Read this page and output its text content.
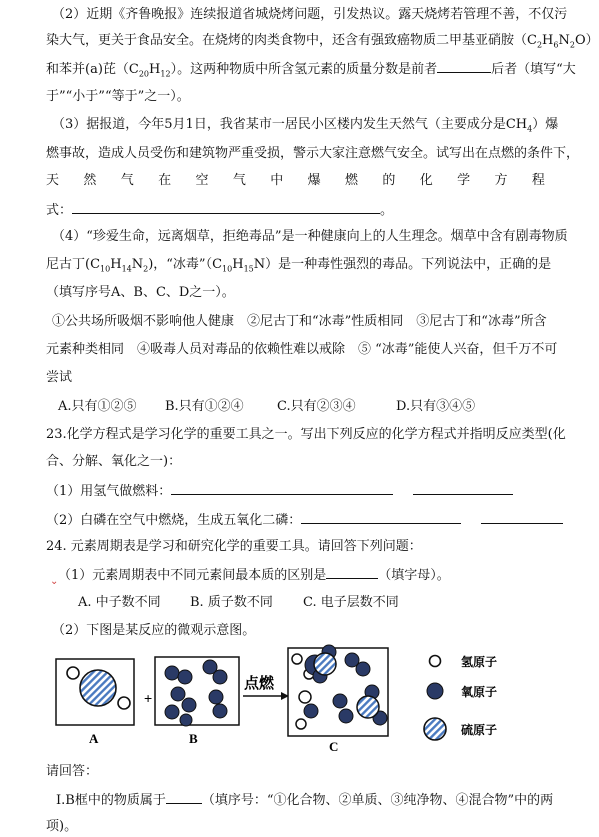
（2）近期《齐鲁晚报》连续报道省城烧烤问题，引发热议。露天烧烤若管理不善，不仅污
染大气，更关于食品安全。在烧烤的肉类食物中，还含有强致癌物质二甲基亚硝胺$(C_2H_6N_2O)$
和苯并(a)芘$(C_{20}H_{12})$。这两种物质中所含氢元素的质量分数是前者	后者（填写“大
于”“小于”“等于”之一）。
（3）据报道，今年5月1日，我省某市一居民小区楼内发生天然气（主要成分是$CH_4$）爆
燃事故，造成人员受伤和建筑物严重受损，警示大家注意燃气安全。试写出在点燃的条件下，
天 然 气 在 空 气 中 爆 燃 的 化 学 方 程
式：	。
（4）“珍爱生命，远离烟草，拒绝毒品”是一种健康向上的人生理念。烟草中含有剧毒物质
尼古丁$(C_{10}H_{14}N_2)$，“冰毒$”(C_{10}H_{15}N)$是一种毒性强烈的毒品。下列说法中，正确的是
（填写序号A、B、C、D之一）。
①公共场所吸烟不影响他人健康　②尼古丁和“冰毒”性质相同　③尼古丁和“冰毒”所含
元素种类相同　④吸毒人员对毒品的依赖性难以戒除　⑤ “冰毒”能使人兴奋，但千万不可
尝试
A.只有①②⑤ B.只有①②④	C.只有②③④	D.只有③④⑤
23.化学方程式是学习化学的重要工具之一。写出下列反应的化学方程式并指明反应类型(化
合、分解、氧化之一)：
（1）用氢气做燃料：
（2）白磷在空气中燃烧，生成五氧化二磷：
24. 元素周期表是学习和研究化学的重要工具。请回答下列问题：
⌄ （1）元素周期表中不同元素间最本质的区别是	（填字母）。
A. 中子数不同 B. 质子数不同 C. 电子层数不同
（2）下图是某反应的微观示意图。
+
点燃
A	B
C
氢原子
氧原子
硫原子
请回答：
Ⅰ.B框中的物质属于	（填序号：“①化合物、②单质、③纯净物、④混合物”中的两
项)。
